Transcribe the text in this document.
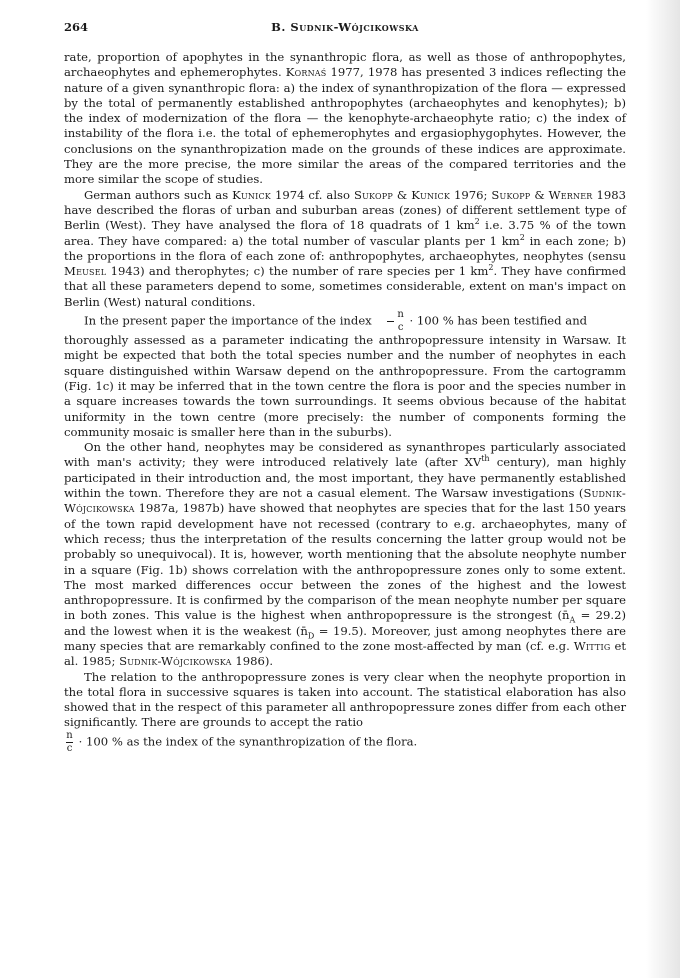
264	B. Sudnik-Wójcikowska

rate, proportion of apophytes in the synanthropic flora, as well as those of anthropophytes, archaeophytes and ephemerophytes. Kornaś 1977, 1978 has presented 3 indices reflecting the nature of a given synanthropic flora: a) the index of synanthropization of the flora — expressed by the total of permanently established anthropophytes (archaeophytes and kenophytes); b) the index of modernization of the flora — the kenophyte-archaeophyte ratio; c) the index of instability of the flora i.e. the total of ephemerophytes and ergasiophygophytes. However, the conclusions on the synanthropization made on the grounds of these indices are approximate. They are the more precise, the more similar the areas of the compared territories and the more similar the scope of studies.

German authors such as Kunick 1974 cf. also Sukopp & Kunick 1976; Sukopp & Werner 1983 have described the floras of urban and suburban areas (zones) of different settlement type of Berlin (West). They have analysed the flora of 18 quadrats of 1 $km^2$ i.e. 3.75 % of the town area. They have compared: a) the total number of vascular plants per 1 $km^2$ in each zone; b) the proportions in the flora of each zone of: anthropophytes, archaeophytes, neophytes (sensu Meusel 1943) and therophytes; c) the number of rare species per 1 $km^2$. They have confirmed that all these parameters depend to some, sometimes considerable, extent on man's impact on Berlin (West) natural conditions.

In the present paper the importance of the index $\frac{n}{c} \cdot 100$ % has been testified and

thoroughly assessed as a parameter indicating the anthropopressure intensity in Warsaw. It might be expected that both the total species number and the number of neophytes in each square distinguished within Warsaw depend on the anthropopressure. From the cartogramm (Fig. 1c) it may be inferred that in the town centre the flora is poor and the species number in a square increases towards the town surroundings. It seems obvious because of the habitat uniformity in the town centre (more precisely: the number of components forming the community mosaic is smaller here than in the suburbs).

On the other hand, neophytes may be considered as synanthropes particularly associated with man's activity; they were introduced relatively late (after XVth century), man highly participated in their introduction and, the most important, they have permanently established within the town. Therefore they are not a casual element. The Warsaw investigations (Sudnik-Wójcikowska 1987a, 1987b) have showed that neophytes are species that for the last 150 years of the town rapid development have not recessed (contrary to e.g. archaeophytes, many of which recess; thus the interpretation of the results concerning the latter group would not be probably so unequivocal). It is, however, worth mentioning that the absolute neophyte number in a square (Fig. 1b) shows correlation with the anthropopressure zones only to some extent. The most marked differences occur between the zones of the highest and the lowest anthropopressure. It is confirmed by the comparison of the mean neophyte number per square in both zones. This value is the highest when anthropopressure is the strongest $(n̄_A = 29.2)$ and the lowest when it is the weakest $(n̄_D = 19.5)$. Moreover, just among neophytes there are many species that are remarkably confined to the zone most-affected by man (cf. e.g. Wittig et al. 1985; Sudnik-Wójcikowska 1986).

The relation to the anthropopressure zones is very clear when the neophyte proportion in the total flora in successive squares is taken into account. The statistical elaboration has also showed that in the respect of this parameter all anthropopressure zones differ from each other significantly. There are grounds to accept the ratio

$\frac{n}{c} \cdot 100$ % as the index of the synanthropization of the flora.
